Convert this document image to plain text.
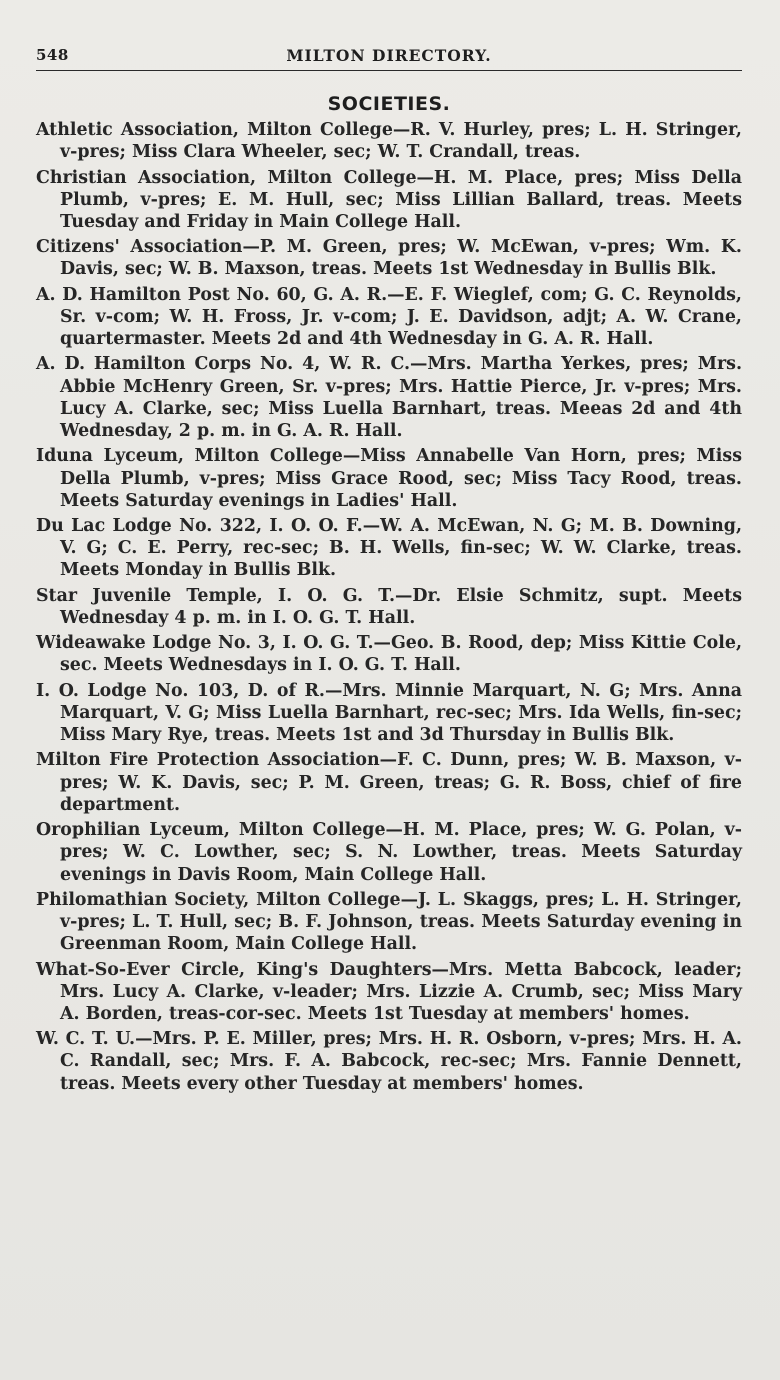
548	MILTON DIRECTORY.
SOCIETIES.
Athletic Association, Milton College—R. V. Hurley, pres; L. H. Stringer, v-pres; Miss Clara Wheeler, sec; W. T. Crandall, treas.
Christian Association, Milton College—H. M. Place, pres; Miss Della Plumb, v-pres; E. M. Hull, sec; Miss Lillian Ballard, treas. Meets Tuesday and Friday in Main College Hall.
Citizens' Association—P. M. Green, pres; W. McEwan, v-pres; Wm. K. Davis, sec; W. B. Maxson, treas. Meets 1st Wednesday in Bullis Blk.
A. D. Hamilton Post No. 60, G. A. R.—E. F. Wieglef, com; G. C. Reynolds, Sr. v-com; W. H. Fross, Jr. v-com; J. E. Davidson, adjt; A. W. Crane, quartermaster. Meets 2d and 4th Wednesday in G. A. R. Hall.
A. D. Hamilton Corps No. 4, W. R. C.—Mrs. Martha Yerkes, pres; Mrs. Abbie McHenry Green, Sr. v-pres; Mrs. Hattie Pierce, Jr. v-pres; Mrs. Lucy A. Clarke, sec; Miss Luella Barnhart, treas. Meeas 2d and 4th Wednesday, 2 p. m. in G. A. R. Hall.
Iduna Lyceum, Milton College—Miss Annabelle Van Horn, pres; Miss Della Plumb, v-pres; Miss Grace Rood, sec; Miss Tacy Rood, treas. Meets Saturday evenings in Ladies' Hall.
Du Lac Lodge No. 322, I. O. O. F.—W. A. McEwan, N. G; M. B. Downing, V. G; C. E. Perry, rec-sec; B. H. Wells, fin-sec; W. W. Clarke, treas. Meets Monday in Bullis Blk.
Star Juvenile Temple, I. O. G. T.—Dr. Elsie Schmitz, supt. Meets Wednesday 4 p. m. in I. O. G. T. Hall.
Wideawake Lodge No. 3, I. O. G. T.—Geo. B. Rood, dep; Miss Kittie Cole, sec. Meets Wednesdays in I. O. G. T. Hall.
I. O. Lodge No. 103, D. of R.—Mrs. Minnie Marquart, N. G; Mrs. Anna Marquart, V. G; Miss Luella Barnhart, rec-sec; Mrs. Ida Wells, fin-sec; Miss Mary Rye, treas. Meets 1st and 3d Thursday in Bullis Blk.
Milton Fire Protection Association—F. C. Dunn, pres; W. B. Maxson, v-pres; W. K. Davis, sec; P. M. Green, treas; G. R. Boss, chief of fire department.
Orophilian Lyceum, Milton College—H. M. Place, pres; W. G. Polan, v-pres; W. C. Lowther, sec; S. N. Lowther, treas. Meets Saturday evenings in Davis Room, Main College Hall.
Philomathian Society, Milton College—J. L. Skaggs, pres; L. H. Stringer, v-pres; L. T. Hull, sec; B. F. Johnson, treas. Meets Saturday evening in Greenman Room, Main College Hall.
What-So-Ever Circle, King's Daughters—Mrs. Metta Babcock, leader; Mrs. Lucy A. Clarke, v-leader; Mrs. Lizzie A. Crumb, sec; Miss Mary A. Borden, treas-cor-sec. Meets 1st Tuesday at members' homes.
W. C. T. U.—Mrs. P. E. Miller, pres; Mrs. H. R. Osborn, v-pres; Mrs. H. A. C. Randall, sec; Mrs. F. A. Babcock, rec-sec; Mrs. Fannie Dennett, treas. Meets every other Tuesday at members' homes.
